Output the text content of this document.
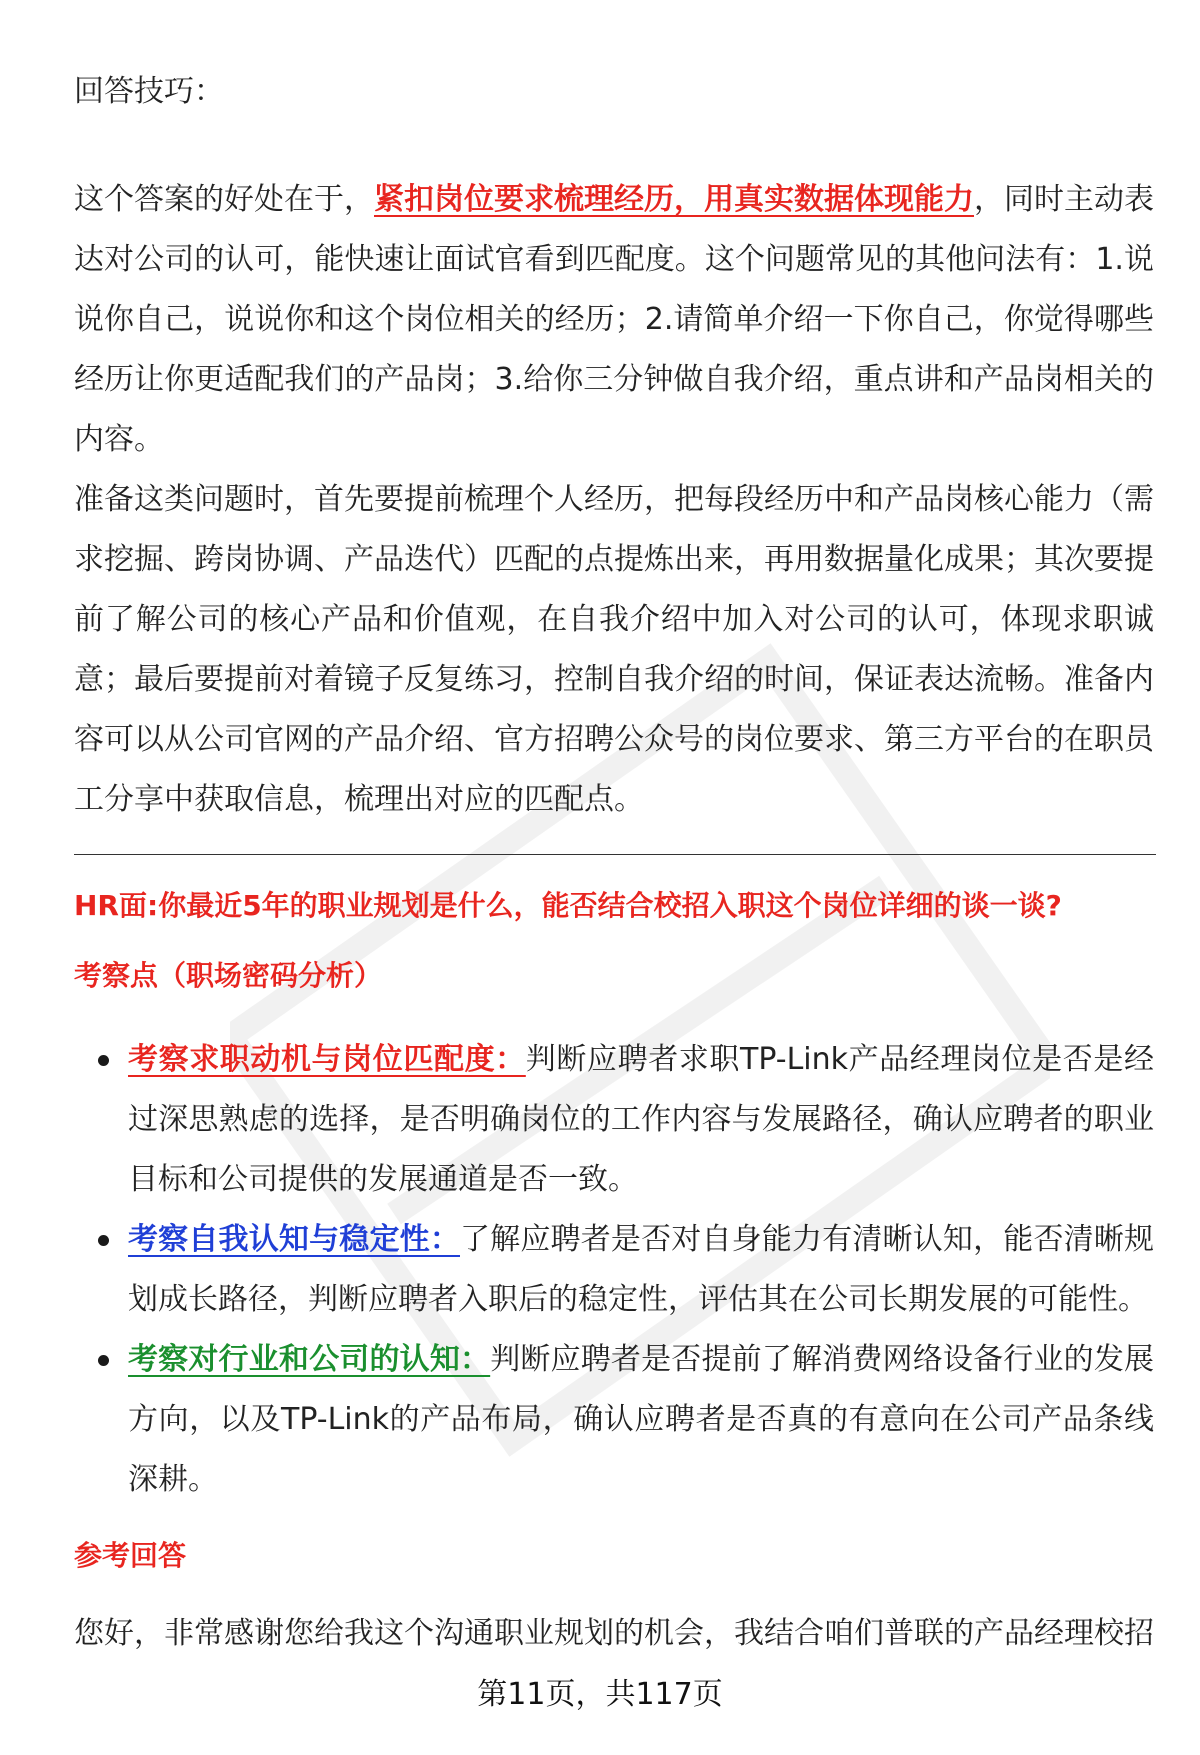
回答技巧：

这个答案的好处在于，紧扣岗位要求梳理经历，用真实数据体现能力，同时主动表达对公司的认可，能快速让面试官看到匹配度。这个问题常见的其他问法有：1.说说你自己，说说你和这个岗位相关的经历；2.请简单介绍一下你自己，你觉得哪些经历让你更适配我们的产品岗；3.给你三分钟做自我介绍，重点讲和产品岗相关的内容。

准备这类问题时，首先要提前梳理个人经历，把每段经历中和产品岗核心能力（需求挖掘、跨岗协调、产品迭代）匹配的点提炼出来，再用数据量化成果；其次要提前了解公司的核心产品和价值观，在自我介绍中加入对公司的认可，体现求职诚意；最后要提前对着镜子反复练习，控制自我介绍的时间，保证表达流畅。准备内容可以从公司官网的产品介绍、官方招聘公众号的岗位要求、第三方平台的在职员工分享中获取信息，梳理出对应的匹配点。

HR面:你最近5年的职业规划是什么，能否结合校招入职这个岗位详细的谈一谈?

考察点（职场密码分析）

考察求职动机与岗位匹配度：判断应聘者求职TP-Link产品经理岗位是否是经过深思熟虑的选择，是否明确岗位的工作内容与发展路径，确认应聘者的职业目标和公司提供的发展通道是否一致。
考察自我认知与稳定性：了解应聘者是否对自身能力有清晰认知，能否清晰规划成长路径，判断应聘者入职后的稳定性，评估其在公司长期发展的可能性。
考察对行业和公司的认知：判断应聘者是否提前了解消费网络设备行业的发展方向，以及TP-Link的产品布局，确认应聘者是否真的有意向在公司产品条线深耕。

参考回答

您好，非常感谢您给我这个沟通职业规划的机会，我结合咱们普联的产品经理校招

第11页，共117页
